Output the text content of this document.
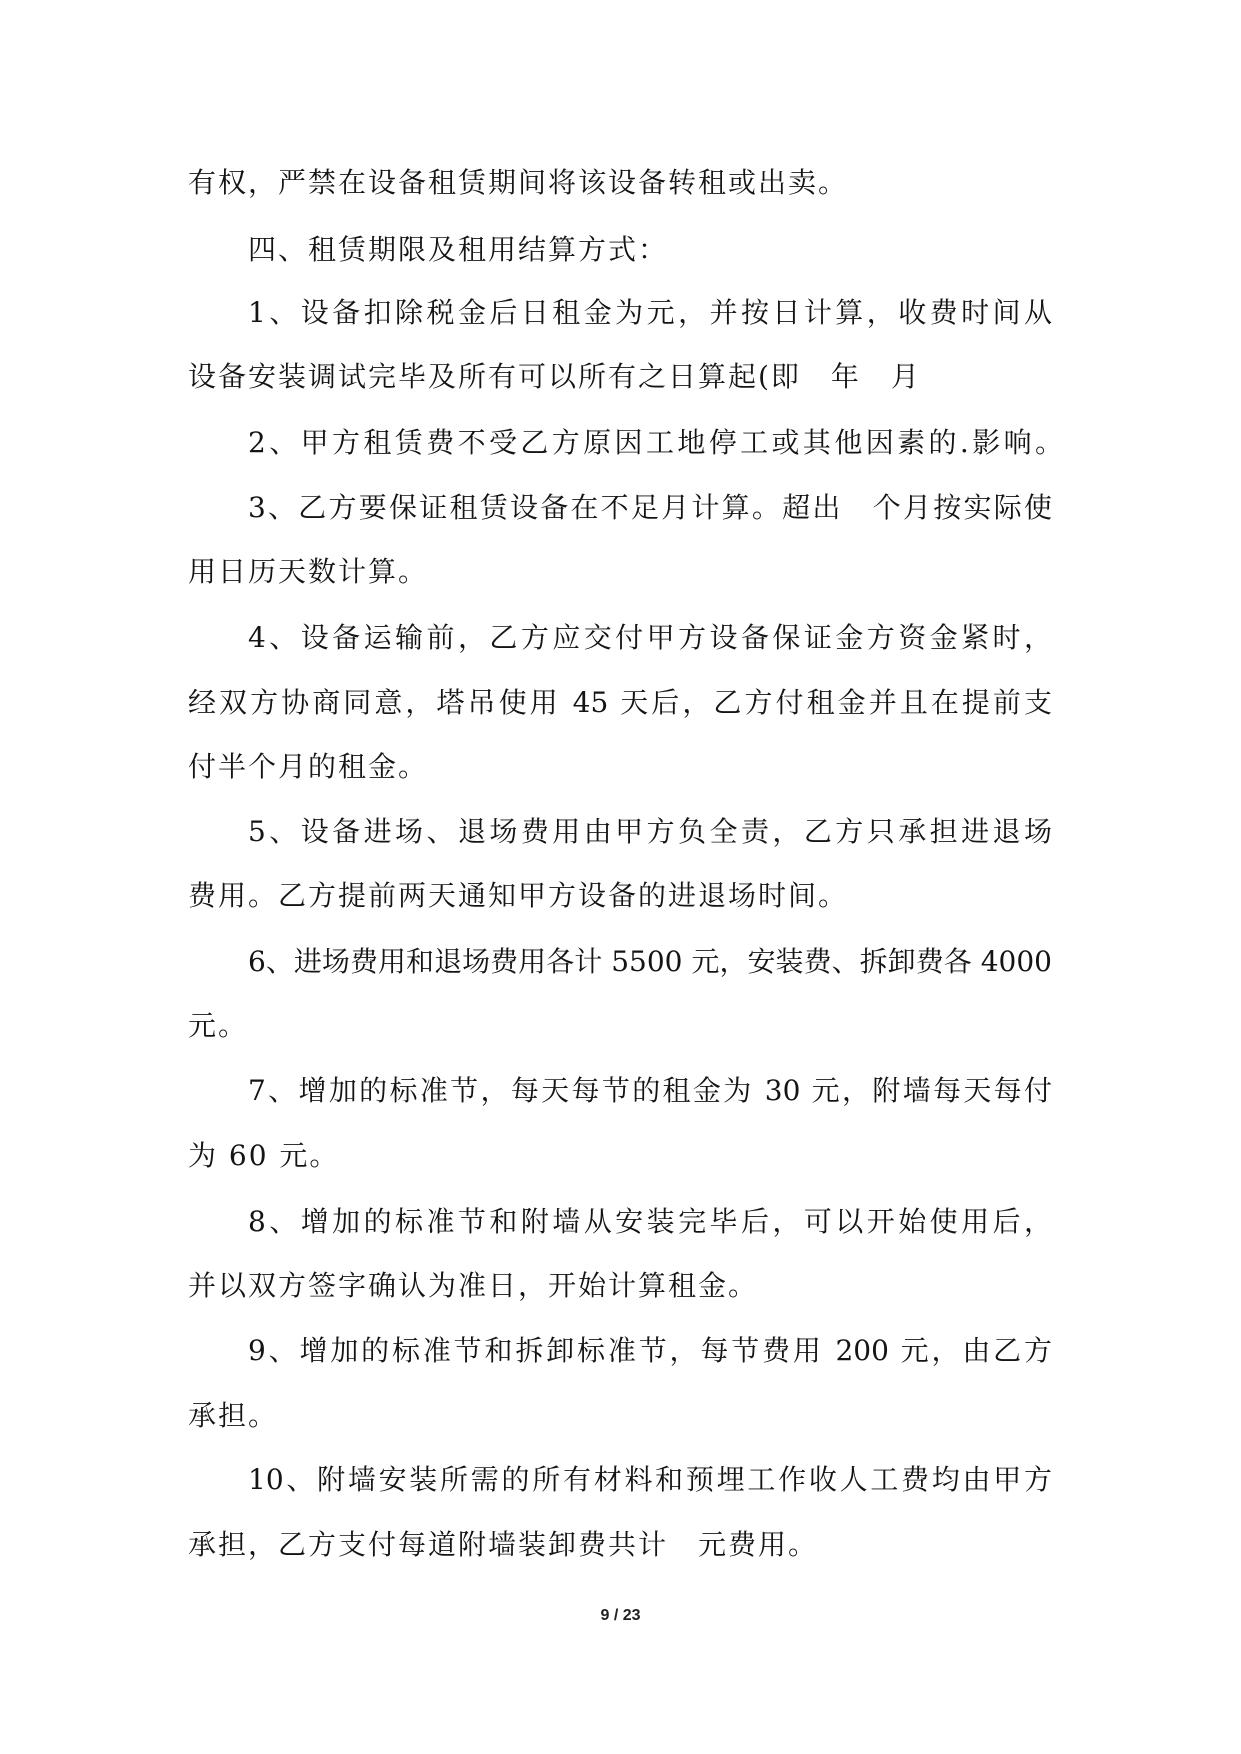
有权，严禁在设备租赁期间将该设备转租或出卖。
四、租赁期限及租用结算方式：
1、设备扣除税金后日租金为元，并按日计算，收费时间从
设备安装调试完毕及所有可以所有之日算起(即　年　月
2、甲方租赁费不受乙方原因工地停工或其他因素的.影响。
3、乙方要保证租赁设备在不足月计算。超出　个月按实际使
用日历天数计算。
4、设备运输前，乙方应交付甲方设备保证金方资金紧时，
经双方协商同意，塔吊使用 45 天后，乙方付租金并且在提前支
付半个月的租金。
5、设备进场、退场费用由甲方负全责，乙方只承担进退场
费用。乙方提前两天通知甲方设备的进退场时间。
6、进场费用和退场费用各计 5500 元，安装费、拆卸费各 4000
元。
7、增加的标准节，每天每节的租金为 30 元，附墙每天每付
为 60 元。
8、增加的标准节和附墙从安装完毕后，可以开始使用后，
并以双方签字确认为准日，开始计算租金。
9、增加的标准节和拆卸标准节，每节费用 200 元，由乙方
承担。
10、附墙安装所需的所有材料和预埋工作收人工费均由甲方
承担，乙方支付每道附墙装卸费共计　元费用。
9 / 23
